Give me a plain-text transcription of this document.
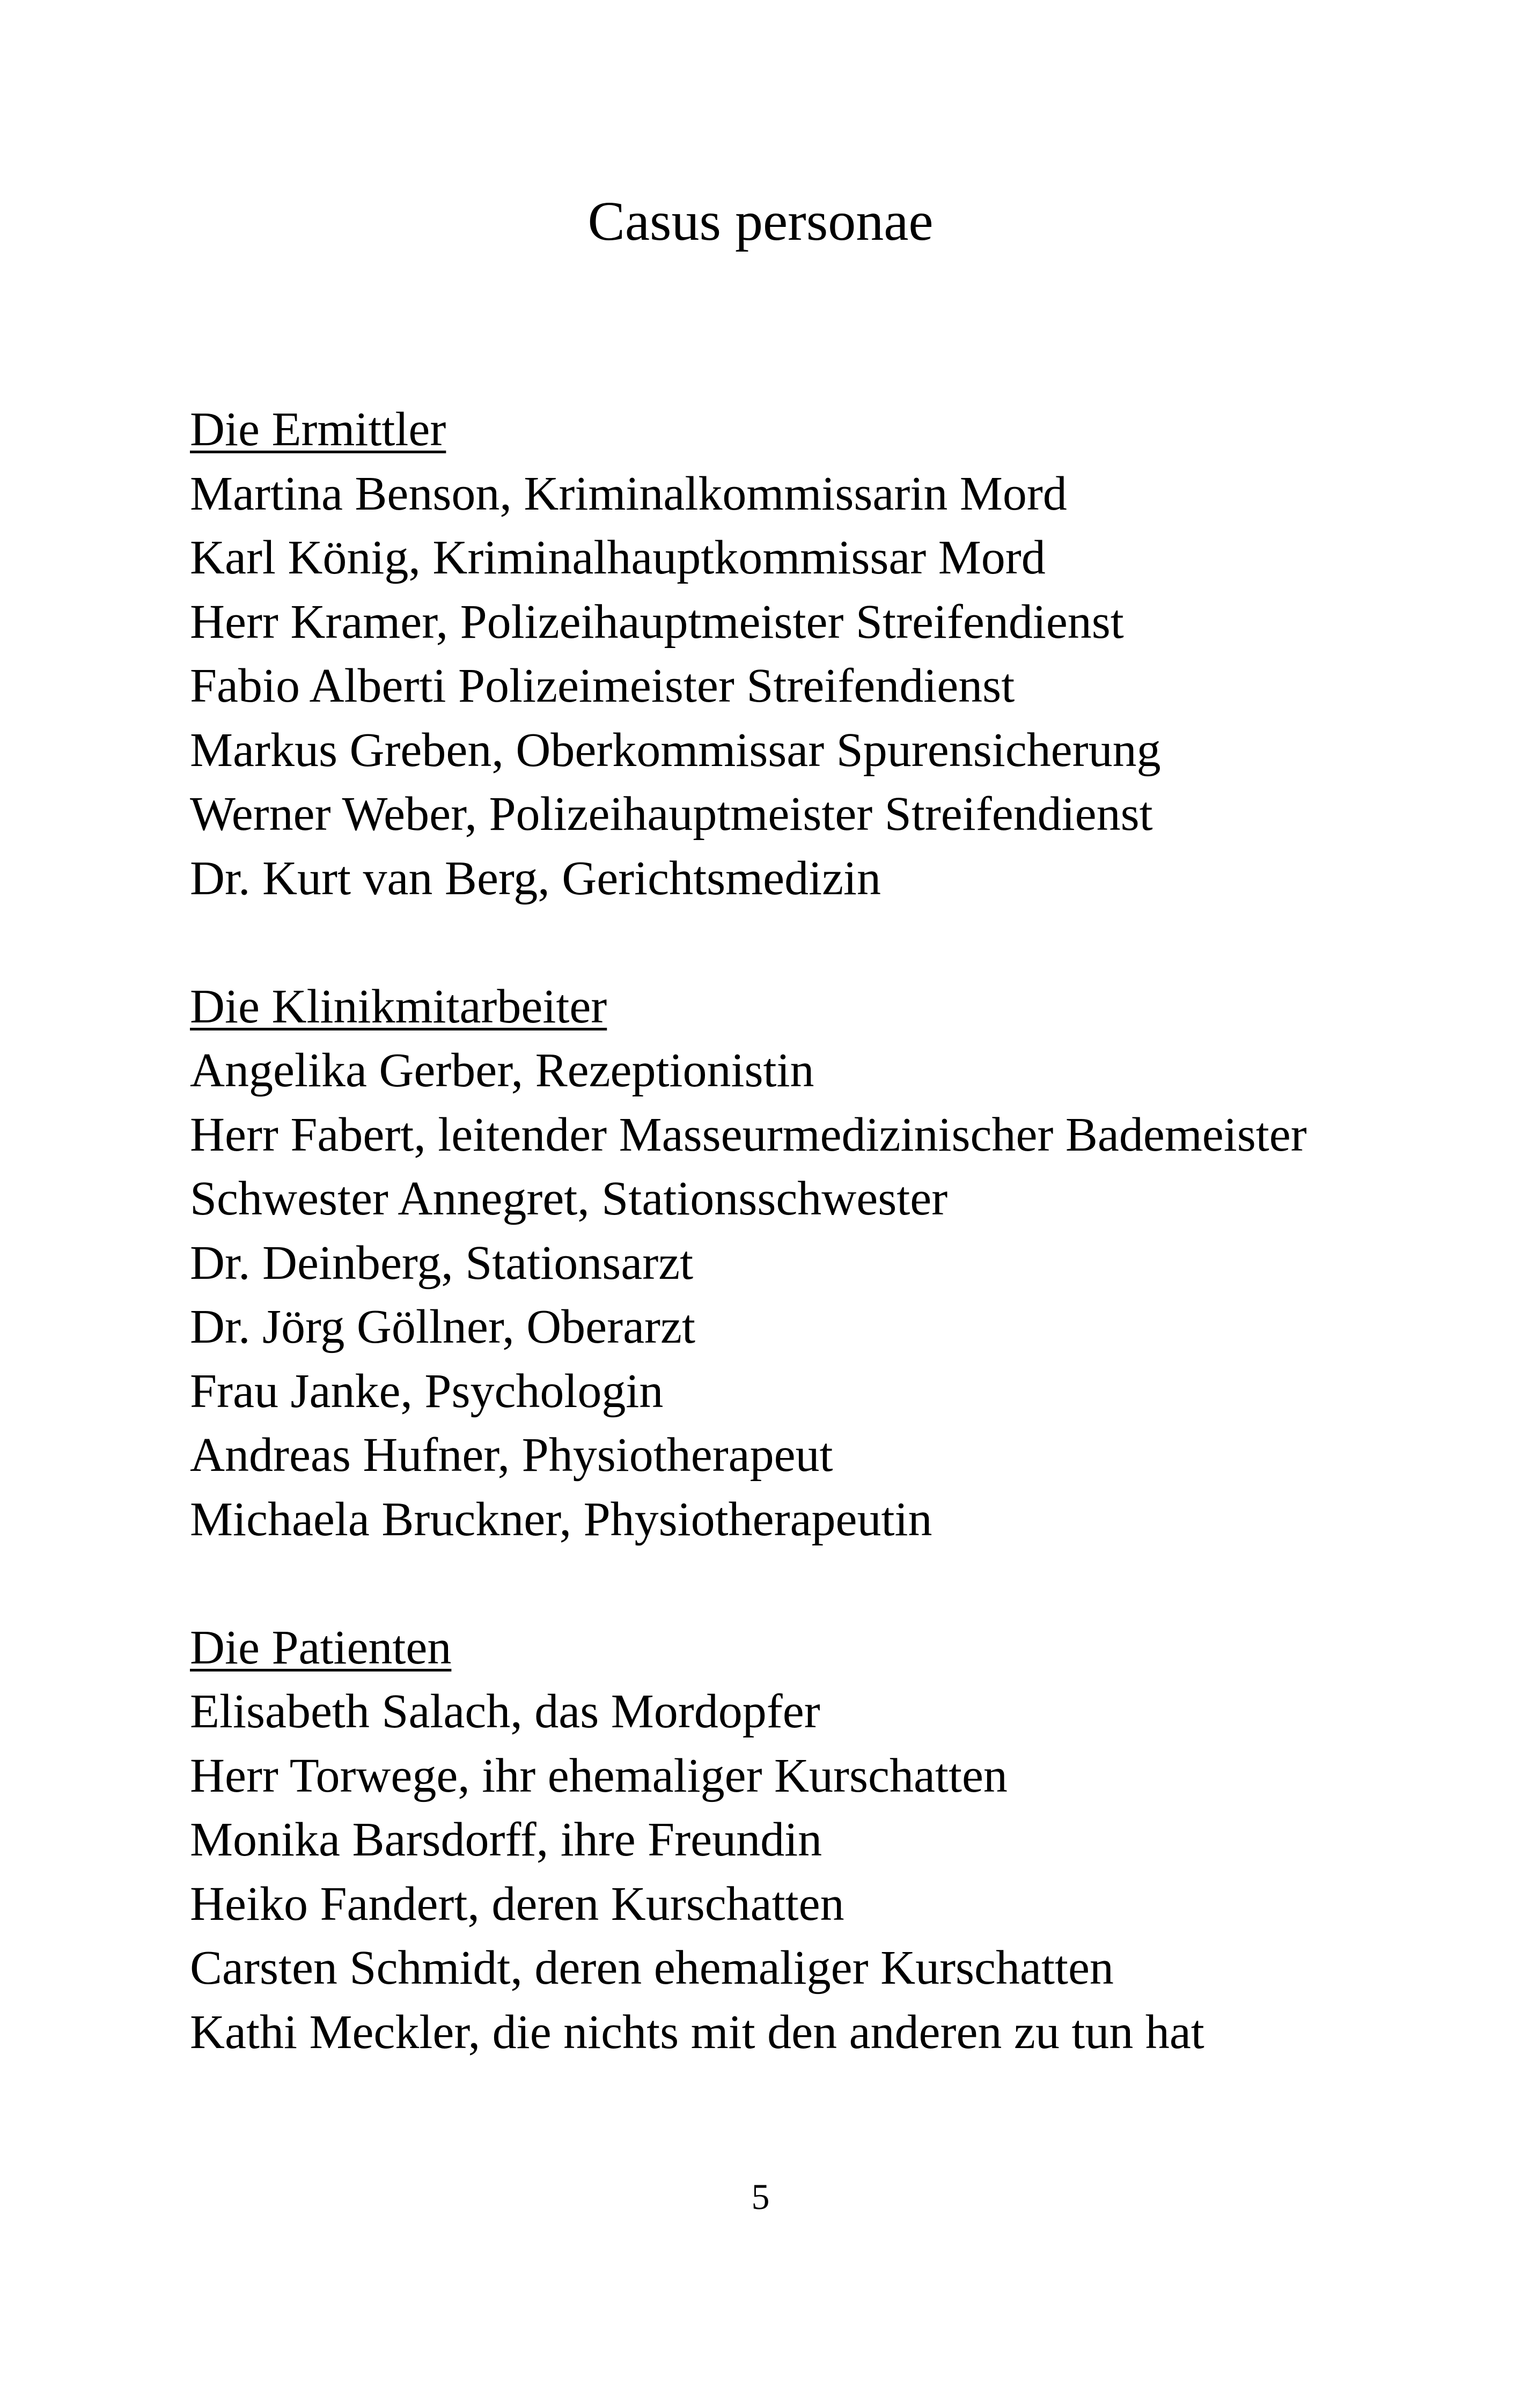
Casus personae
Die Ermittler
Martina Benson, Kriminalkommissarin Mord
Karl König, Kriminalhauptkommissar Mord
Herr Kramer, Polizeihauptmeister Streifendienst
Fabio Alberti Polizeimeister Streifendienst
Markus Greben, Oberkommissar Spurensicherung
Werner Weber, Polizeihauptmeister Streifendienst
Dr. Kurt van Berg, Gerichtsmedizin
Die Klinikmitarbeiter
Angelika Gerber, Rezeptionistin
Herr Fabert, leitender Masseurmedizinischer Bademeister
Schwester Annegret, Stationsschwester
Dr. Deinberg, Stationsarzt
Dr. Jörg Göllner, Oberarzt
Frau Janke, Psychologin
Andreas Hufner, Physiotherapeut
Michaela Bruckner, Physiotherapeutin
Die Patienten
Elisabeth Salach, das Mordopfer
Herr Torwege, ihr ehemaliger Kurschatten
Monika Barsdorff, ihre Freundin
Heiko Fandert, deren Kurschatten
Carsten Schmidt, deren ehemaliger Kurschatten
Kathi Meckler, die nichts mit den anderen zu tun hat
5
